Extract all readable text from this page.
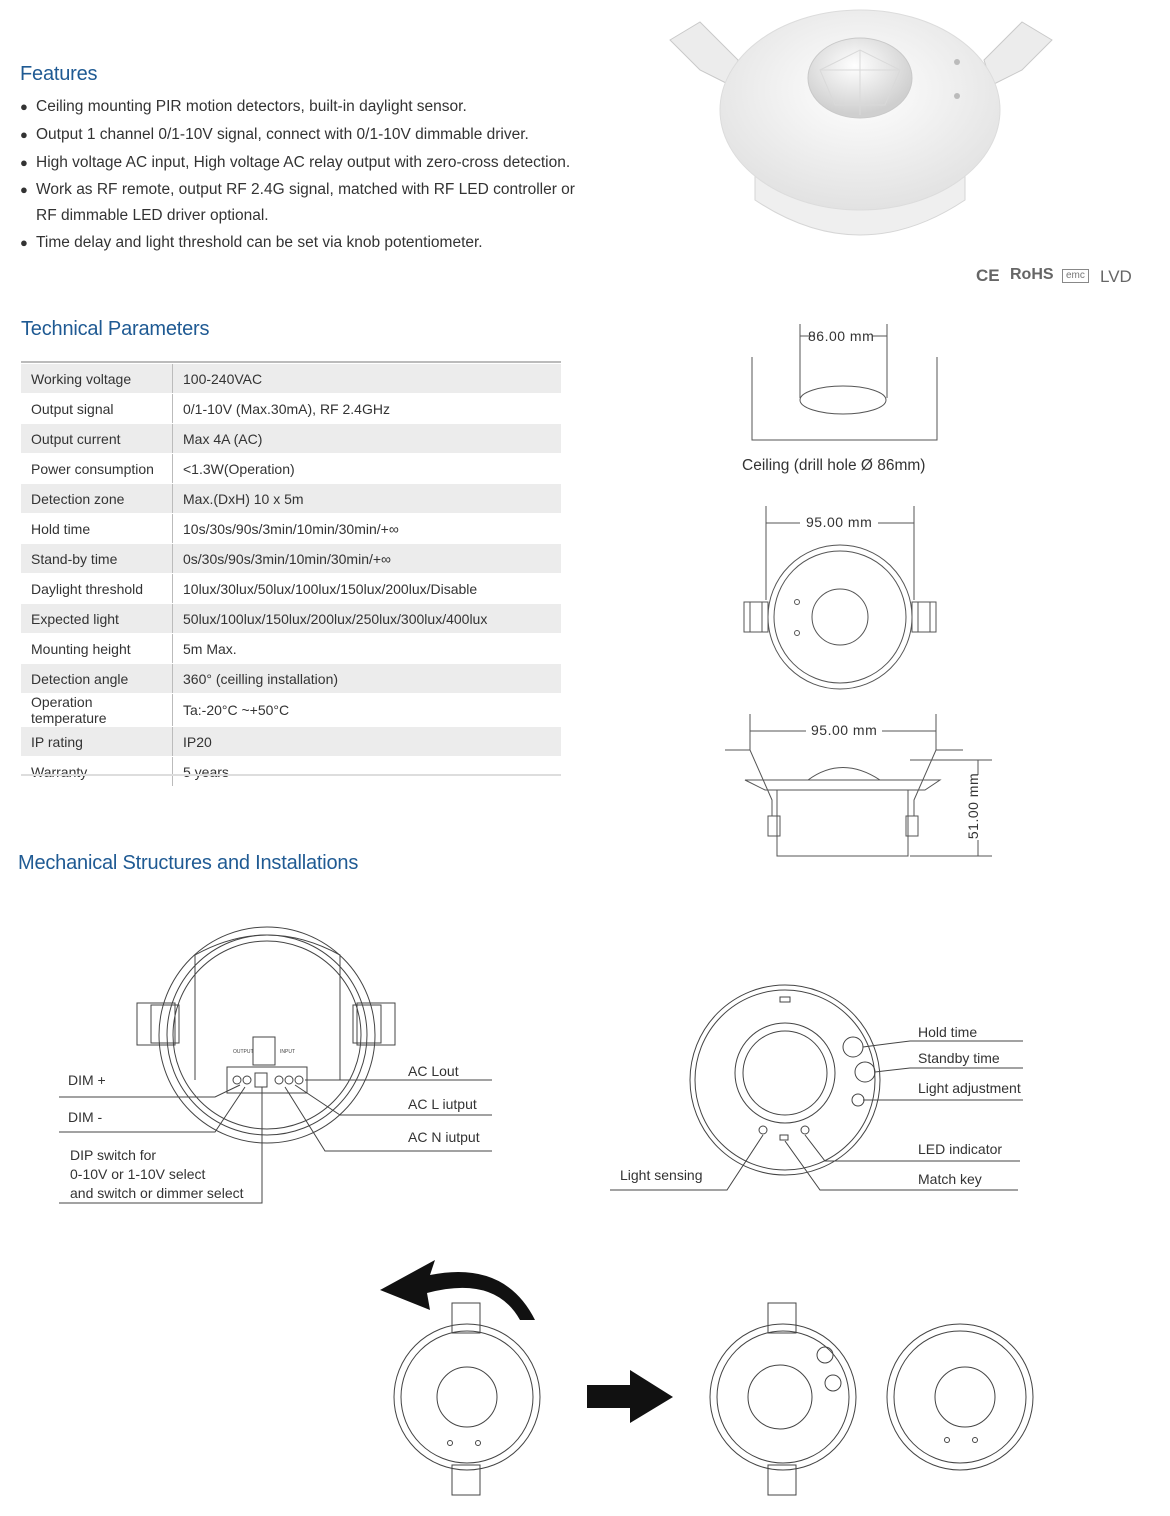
Features
● Ceiling mounting PIR motion detectors, built-in daylight sensor.
● Output 1 channel 0/1-10V signal, connect with 0/1-10V dimmable driver.
● High voltage AC input, High voltage AC relay output with zero-cross detection.
● Work as RF remote, output RF 2.4G signal, matched with RF LED controller or RF dimmable LED driver optional.
● Time delay and light threshold can be set via knob potentiometer.
CE RoHS	emc LVD
Technical Parameters
Working voltage	100-240VAC
Output signal	0/1-10V (Max.30mA), RF 2.4GHz
Output current	Max 4A (AC)
Power consumption	<1.3W(Operation)
Detection zone	Max.(DxH) 10 x 5m
Hold time	10s/30s/90s/3min/10min/30min/+∞
Stand-by time	0s/30s/90s/3min/10min/30min/+∞
Daylight threshold	10lux/30lux/50lux/100lux/150lux/200lux/Disable
Expected light	50lux/100lux/150lux/200lux/250lux/300lux/400lux
Mounting height	5m Max.
Detection angle	360° (ceilling installation)
Operation temperature	Ta:-20°C ~+50°C
IP rating	IP20
Warranty	5 years
86.00 mm
Ceiling (drill hole Ø 86mm)
95.00 mm
95.00 mm
51.00 mm
Mechanical Structures and Installations
OUTPUT	INPUT
DIM +
DIM -
DIP switch for
0-10V or 1-10V select
and switch or dimmer select
AC Lout
AC L iutput
AC N iutput
Hold time
Standby time
Light adjustment
LED indicator
Match key
Light sensing
